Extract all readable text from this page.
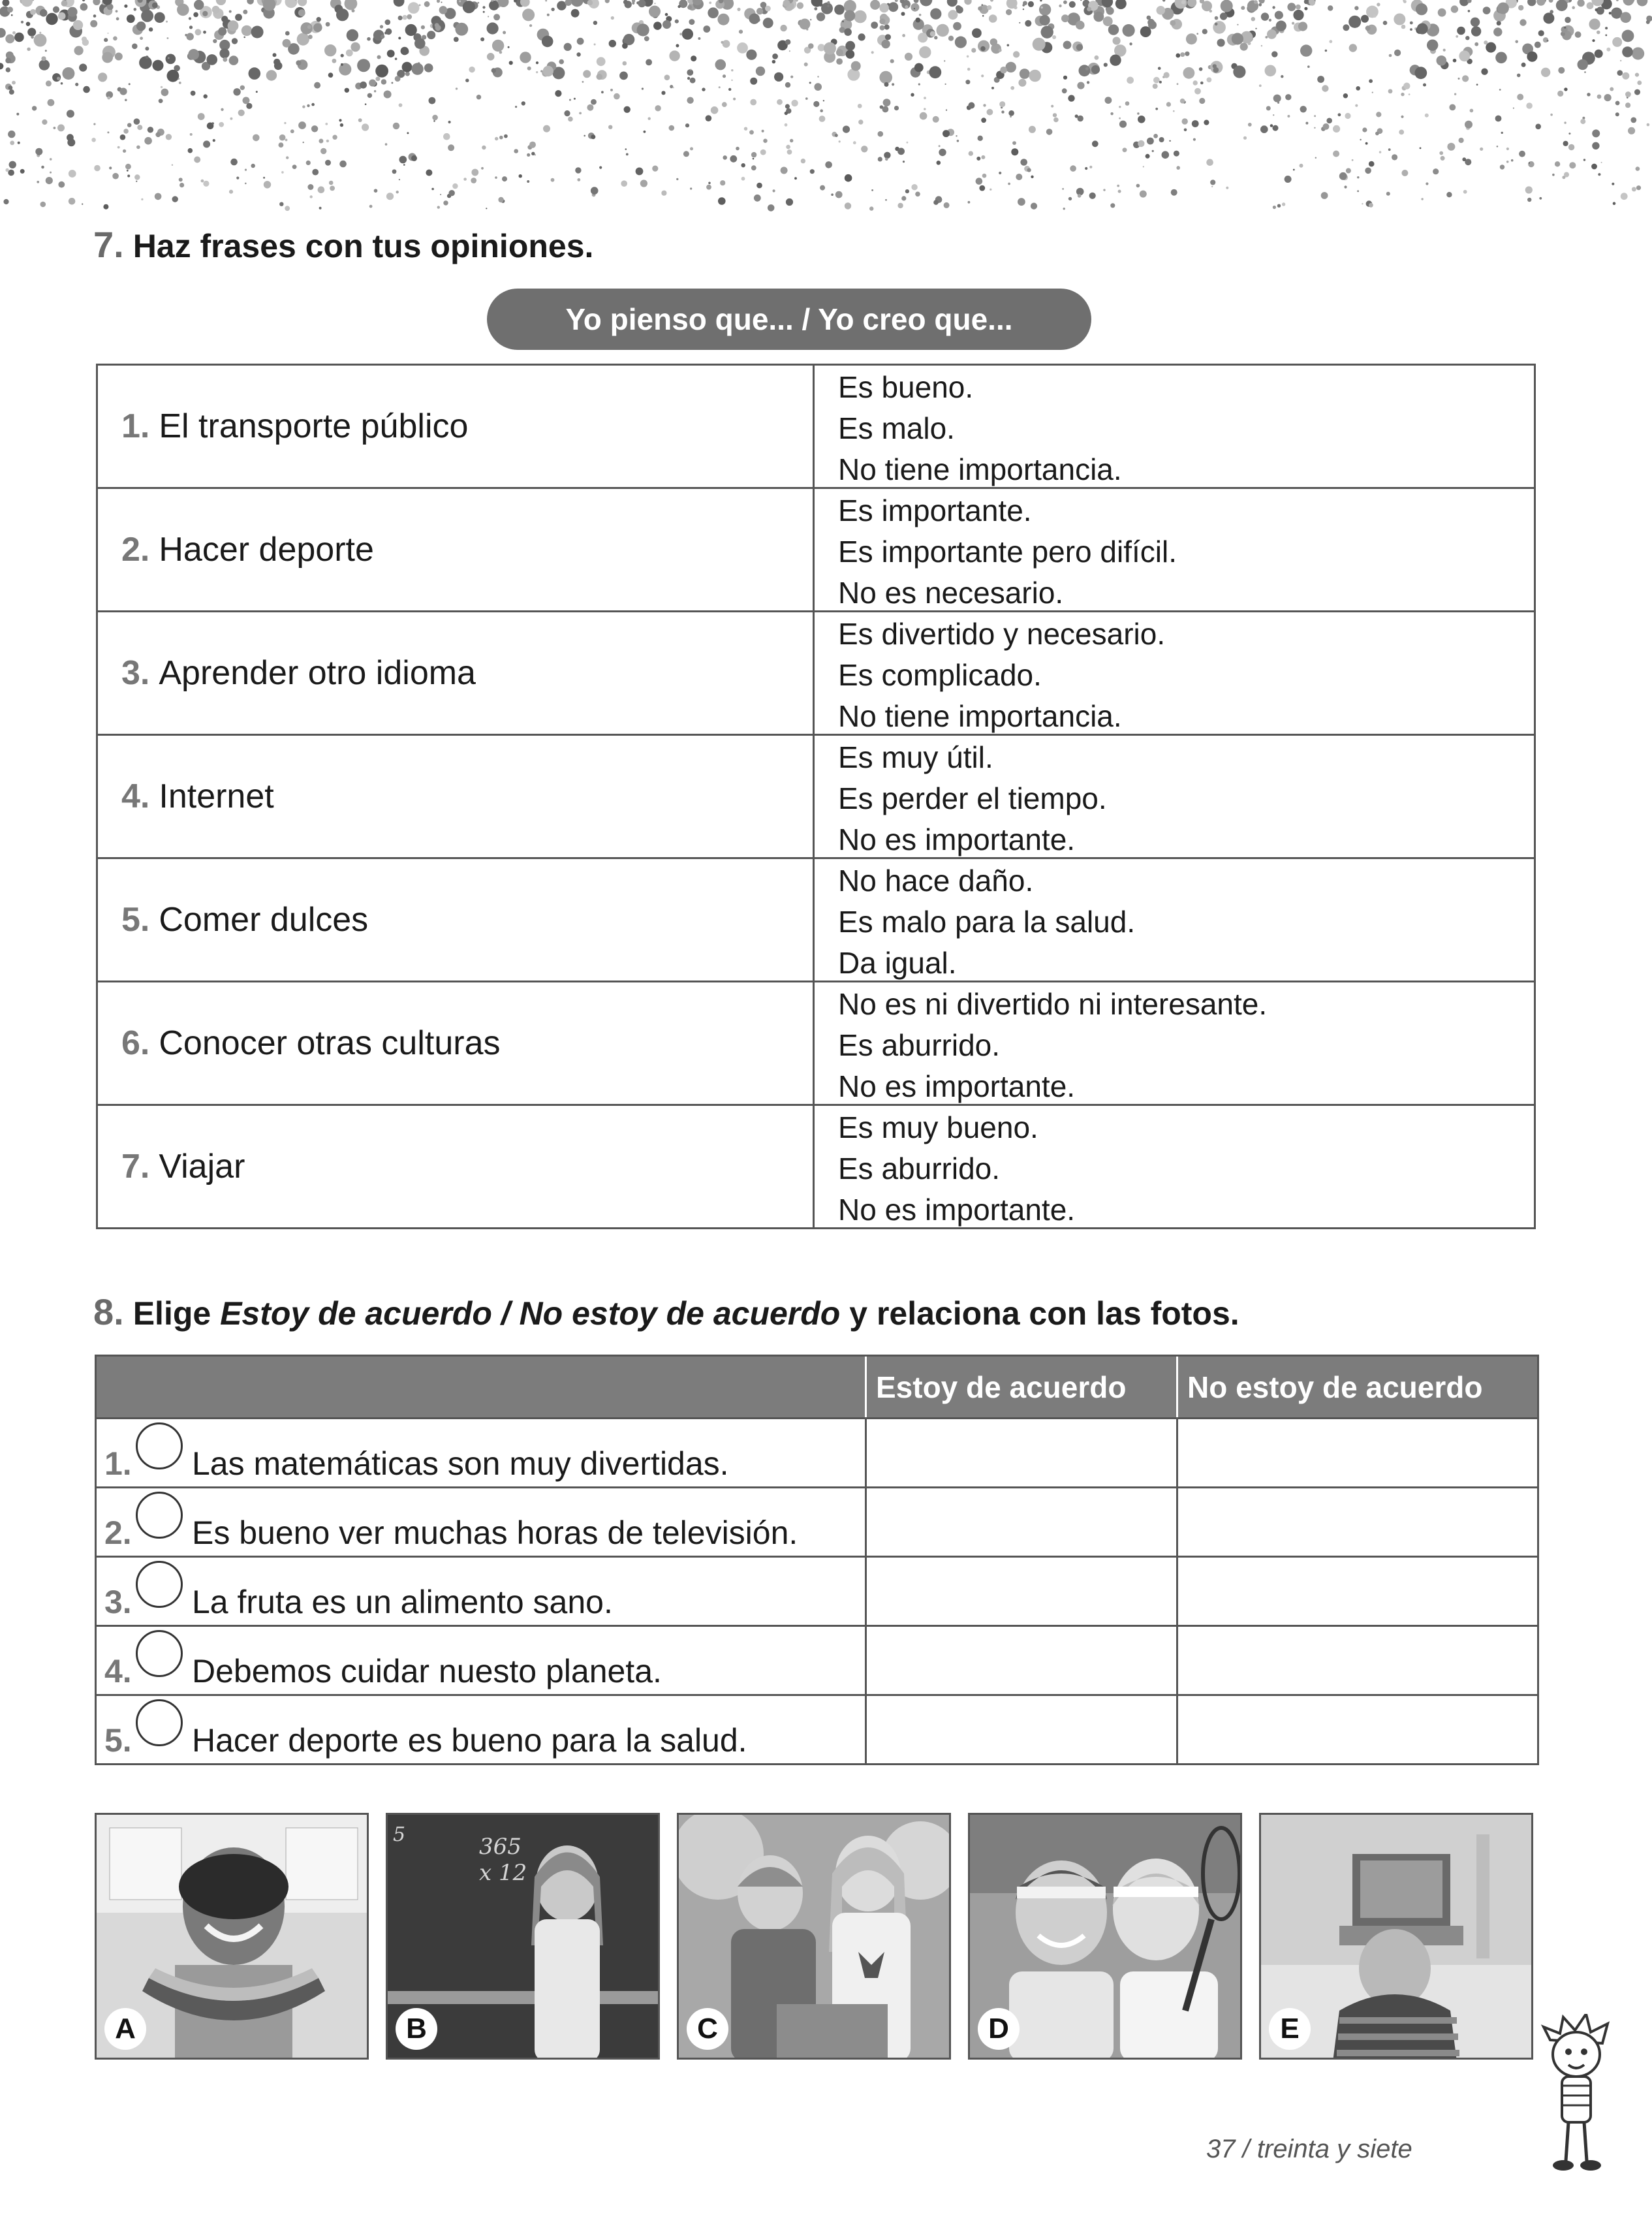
7. Haz frases con tus opiniones.
Yo pienso que... / Yo creo que...
1. El transporte público
Es bueno.
Es malo.
No tiene importancia.
2. Hacer deporte
Es importante.
Es importante pero difícil.
No es necesario.
3. Aprender otro idioma
Es divertido y necesario.
Es complicado.
No tiene importancia.
4. Internet
Es muy útil.
Es perder el tiempo.
No es importante.
5. Comer dulces
No hace daño.
Es malo para la salud.
Da igual.
6. Conocer otras culturas
No es ni divertido ni interesante.
Es aburrido.
No es importante.
7. Viajar
Es muy bueno.
Es aburrido.
No es importante.
8. Elige Estoy de acuerdo / No estoy de acuerdo y relaciona con las fotos.
Estoy de acuerdo	No estoy de acuerdo
1. Las matemáticas son muy divertidas.
2. Es bueno ver muchas horas de televisión.
3. La fruta es un alimento sano.
4. Debemos cuidar nuesto planeta.
5. Hacer deporte es bueno para la salud.
A
365
x 12
5
B	C	D	E
37 / treinta y siete
